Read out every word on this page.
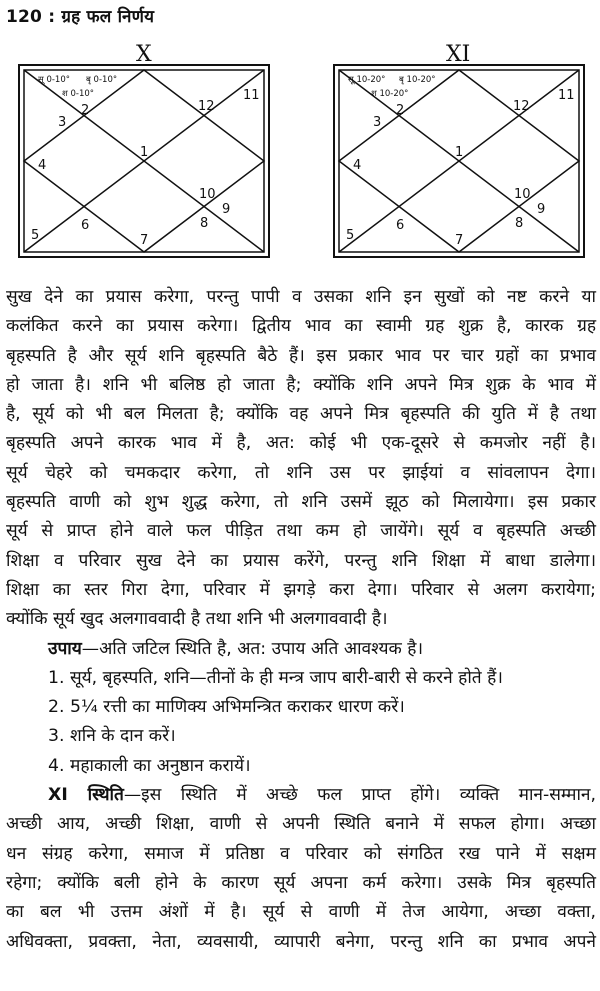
120 : ग्रह फल निर्णय
X
सू 0-10° बृ 0-10°
श 0-10°
1
2
3
4
5
6
7
8
9
10
11
12
XI
सू 10-20° बृ 10-20°
श 10-20°
1
2
3
4
5
6
7
8
9
10
11
12

सुख देने का प्रयास करेगा, परन्तु पापी व उसका शनि इन सुखों को नष्ट करने या

कलंकित करने का प्रयास करेगा। द्वितीय भाव का स्वामी ग्रह शुक्र है, कारक ग्रह

बृहस्पति है और सूर्य शनि बृहस्पति बैठे हैं। इस प्रकार भाव पर चार ग्रहों का प्रभाव

हो जाता है। शनि भी बलिष्ठ हो जाता है; क्योंकि शनि अपने मित्र शुक्र के भाव में

है, सूर्य को भी बल मिलता है; क्योंकि वह अपने मित्र बृहस्पति की युति में है तथा

बृहस्पति अपने कारक भाव में है, अत: कोई भी एक-दूसरे से कमजोर नहीं है।

सूर्य चेहरे को चमकदार करेगा, तो शनि उस पर झाईयां व सांवलापन देगा।

बृहस्पति वाणी को शुभ शुद्ध करेगा, तो शनि उसमें झूठ को मिलायेगा। इस प्रकार

सूर्य से प्राप्त होने वाले फल पीड़ित तथा कम हो जायेंगे। सूर्य व बृहस्पति अच्छी

शिक्षा व परिवार सुख देने का प्रयास करेंगे, परन्तु शनि शिक्षा में बाधा डालेगा।

शिक्षा का स्तर गिरा देगा, परिवार में झगड़े करा देगा। परिवार से अलग करायेगा;

क्योंकि सूर्य खुद अलगाववादी है तथा शनि भी अलगाववादी है।

उपाय—अति जटिल स्थिति है, अत: उपाय अति आवश्यक है।

1. सूर्य, बृहस्पति, शनि—तीनों के ही मन्त्र जाप बारी-बारी से करने होते हैं।

2. 5¼ रत्ती का माणिक्य अभिमन्त्रित कराकर धारण करें।

3. शनि के दान करें।

4. महाकाली का अनुष्ठान करायें।

XI स्थिति—इस स्थिति में अच्छे फल प्राप्त होंगे। व्यक्ति मान-सम्मान,

अच्छी आय, अच्छी शिक्षा, वाणी से अपनी स्थिति बनाने में सफल होगा। अच्छा

धन संग्रह करेगा, समाज में प्रतिष्ठा व परिवार को संगठित रख पाने में सक्षम

रहेगा; क्योंकि बली होने के कारण सूर्य अपना कर्म करेगा। उसके मित्र बृहस्पति

का बल भी उत्तम अंशों में है। सूर्य से वाणी में तेज आयेगा, अच्छा वक्ता,

अधिवक्ता, प्रवक्ता, नेता, व्यवसायी, व्यापारी बनेगा, परन्तु शनि का प्रभाव अपने
